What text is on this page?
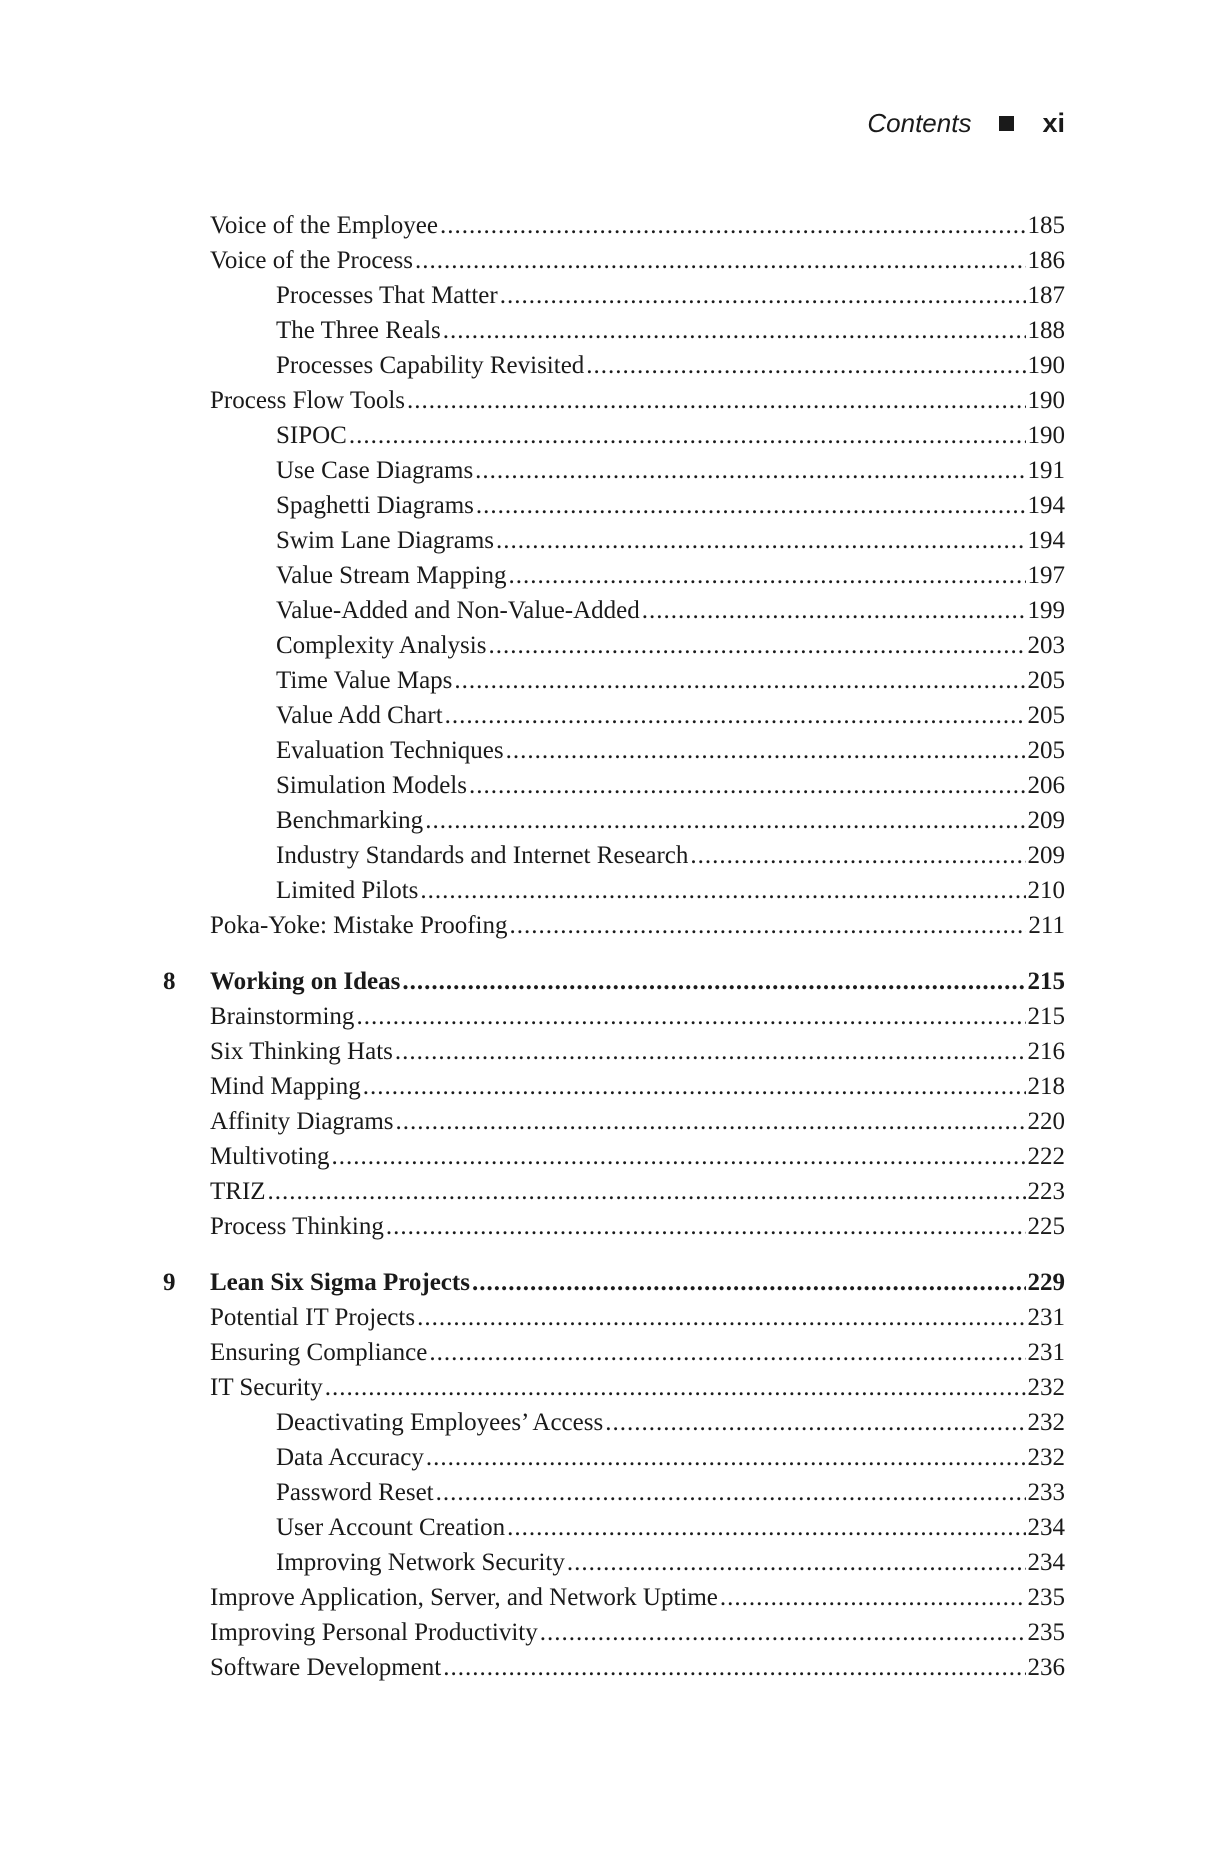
Contents	xi
Voice of the Employee .....	185
Voice of the Process .....	186
Processes That Matter .....	187
The Three Reals .....	188
Processes Capability Revisited .....	190
Process Flow Tools .....	190
SIPOC .....	190
Use Case Diagrams .....	191
Spaghetti Diagrams .....	194
Swim Lane Diagrams .....	194
Value Stream Mapping .....	197
Value-Added and Non-Value-Added .....	199
Complexity Analysis .....	203
Time Value Maps .....	205
Value Add Chart .....	205
Evaluation Techniques .....	205
Simulation Models .....	206
Benchmarking .....	209
Industry Standards and Internet Research .....	209
Limited Pilots .....	210
Poka-Yoke: Mistake Proofing .....	211
8	Working on Ideas .....	215
Brainstorming .....	215
Six Thinking Hats .....	216
Mind Mapping .....	218
Affinity Diagrams .....	220
Multivoting .....	222
TRIZ .....	223
Process Thinking .....	225
9	Lean Six Sigma Projects .....	229
Potential IT Projects .....	231
Ensuring Compliance .....	231
IT Security .....	232
Deactivating Employees’ Access .....	232
Data Accuracy .....	232
Password Reset .....	233
User Account Creation .....	234
Improving Network Security .....	234
Improve Application, Server, and Network Uptime .....	235
Improving Personal Productivity .....	235
Software Development .....	236
